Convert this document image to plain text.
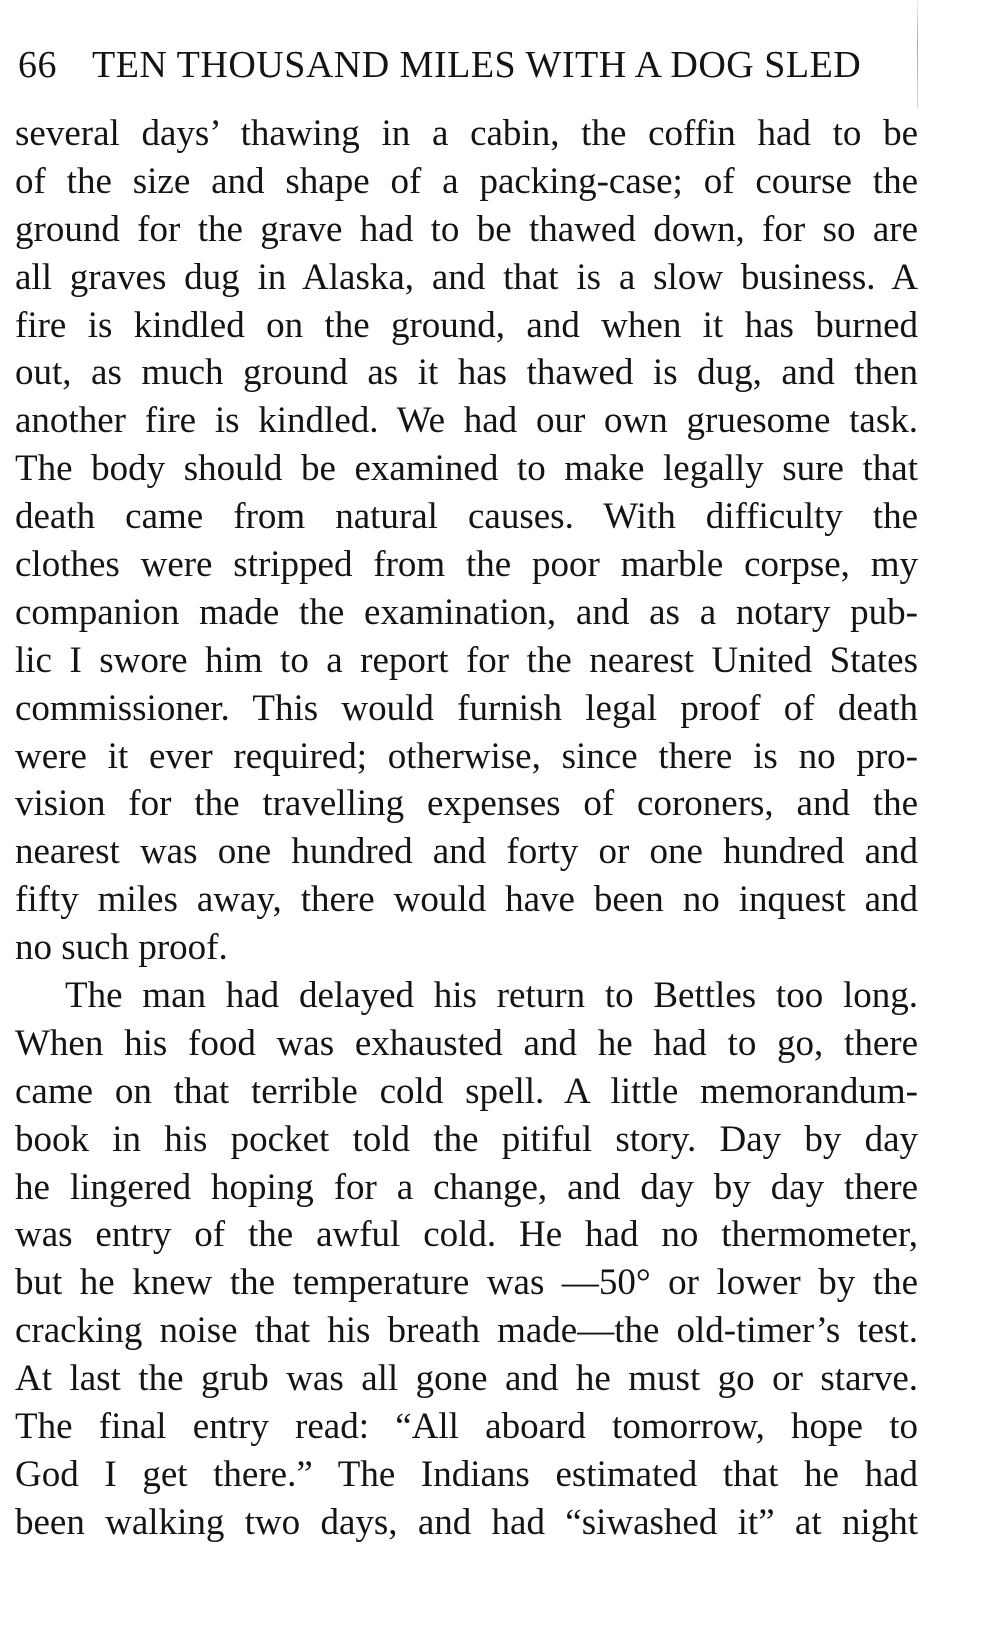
66 TEN THOUSAND MILES WITH A DOG SLED
several days’ thawing in a cabin, the coffin had to be
of the size and shape of a packing-case; of course the
ground for the grave had to be thawed down, for so are
all graves dug in Alaska, and that is a slow business. A
fire is kindled on the ground, and when it has burned
out, as much ground as it has thawed is dug, and then
another fire is kindled. We had our own gruesome task.
The body should be examined to make legally sure that
death came from natural causes. With difficulty the
clothes were stripped from the poor marble corpse, my
companion made the examination, and as a notary pub-
lic I swore him to a report for the nearest United States
commissioner. This would furnish legal proof of death
were it ever required; otherwise, since there is no pro-
vision for the travelling expenses of coroners, and the
nearest was one hundred and forty or one hundred and
fifty miles away, there would have been no inquest and
no such proof.
The man had delayed his return to Bettles too long.
When his food was exhausted and he had to go, there
came on that terrible cold spell. A little memorandum-
book in his pocket told the pitiful story. Day by day
he lingered hoping for a change, and day by day there
was entry of the awful cold. He had no thermometer,
but he knew the temperature was —50° or lower by the
cracking noise that his breath made—the old-timer’s test.
At last the grub was all gone and he must go or starve.
The final entry read: “All aboard tomorrow, hope to
God I get there.” The Indians estimated that he had
been walking two days, and had “siwashed it” at night
